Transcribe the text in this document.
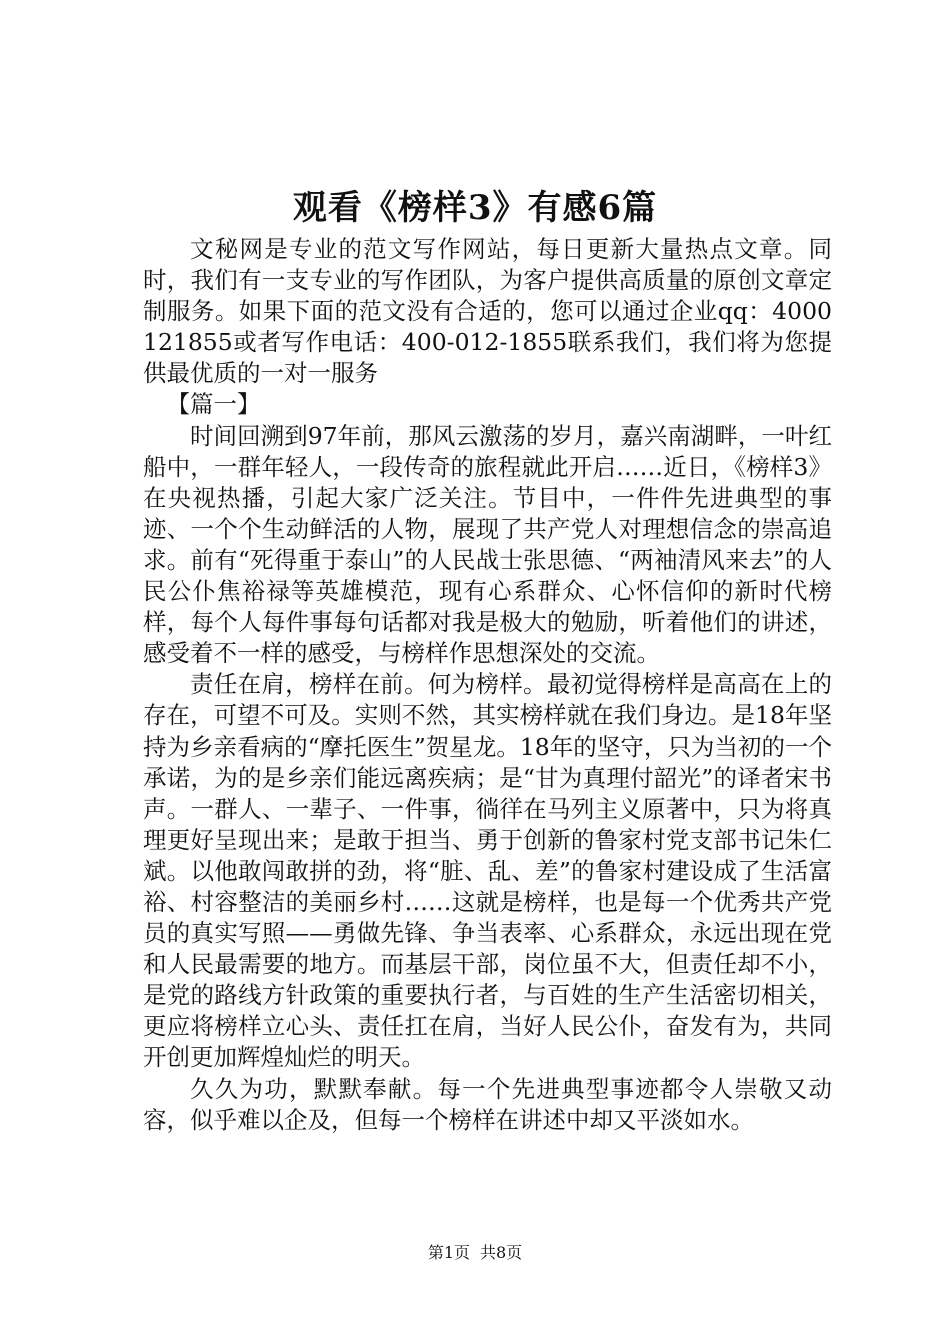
观看《榜样3》有感6篇

文秘网是专业的范文写作网站，每日更新大量热点文章。同时，我们有一支专业的写作团队，为客户提供高质量的原创文章定制服务。如果下面的范文没有合适的，您可以通过企业qq：4000121855或者写作电话：400-012-1855联系我们，我们将为您提供最优质的一对一服务

【篇一】

时间回溯到97年前，那风云激荡的岁月，嘉兴南湖畔，一叶红船中，一群年轻人，一段传奇的旅程就此开启……近日，《榜样3》在央视热播，引起大家广泛关注。节目中，一件件先进典型的事迹、一个个生动鲜活的人物，展现了共产党人对理想信念的崇高追求。前有“死得重于泰山”的人民战士张思德、“两袖清风来去”的人民公仆焦裕禄等英雄模范，现有心系群众、心怀信仰的新时代榜样，每个人每件事每句话都对我是极大的勉励，听着他们的讲述，感受着不一样的感受，与榜样作思想深处的交流。

责任在肩，榜样在前。何为榜样。最初觉得榜样是高高在上的存在，可望不可及。实则不然，其实榜样就在我们身边。是18年坚持为乡亲看病的“摩托医生”贺星龙。18年的坚守，只为当初的一个承诺，为的是乡亲们能远离疾病；是“甘为真理付韶光”的译者宋书声。一群人、一辈子、一件事，徜徉在马列主义原著中，只为将真理更好呈现出来；是敢于担当、勇于创新的鲁家村党支部书记朱仁斌。以他敢闯敢拼的劲，将“脏、乱、差”的鲁家村建设成了生活富裕、村容整洁的美丽乡村……这就是榜样，也是每一个优秀共产党员的真实写照——勇做先锋、争当表率、心系群众，永远出现在党和人民最需要的地方。而基层干部，岗位虽不大，但责任却不小，是党的路线方针政策的重要执行者，与百姓的生产生活密切相关，更应将榜样立心头、责任扛在肩，当好人民公仆，奋发有为，共同开创更加辉煌灿烂的明天。

久久为功，默默奉献。每一个先进典型事迹都令人崇敬又动容，似乎难以企及，但每一个榜样在讲述中却又平淡如水。

第1页 共8页
